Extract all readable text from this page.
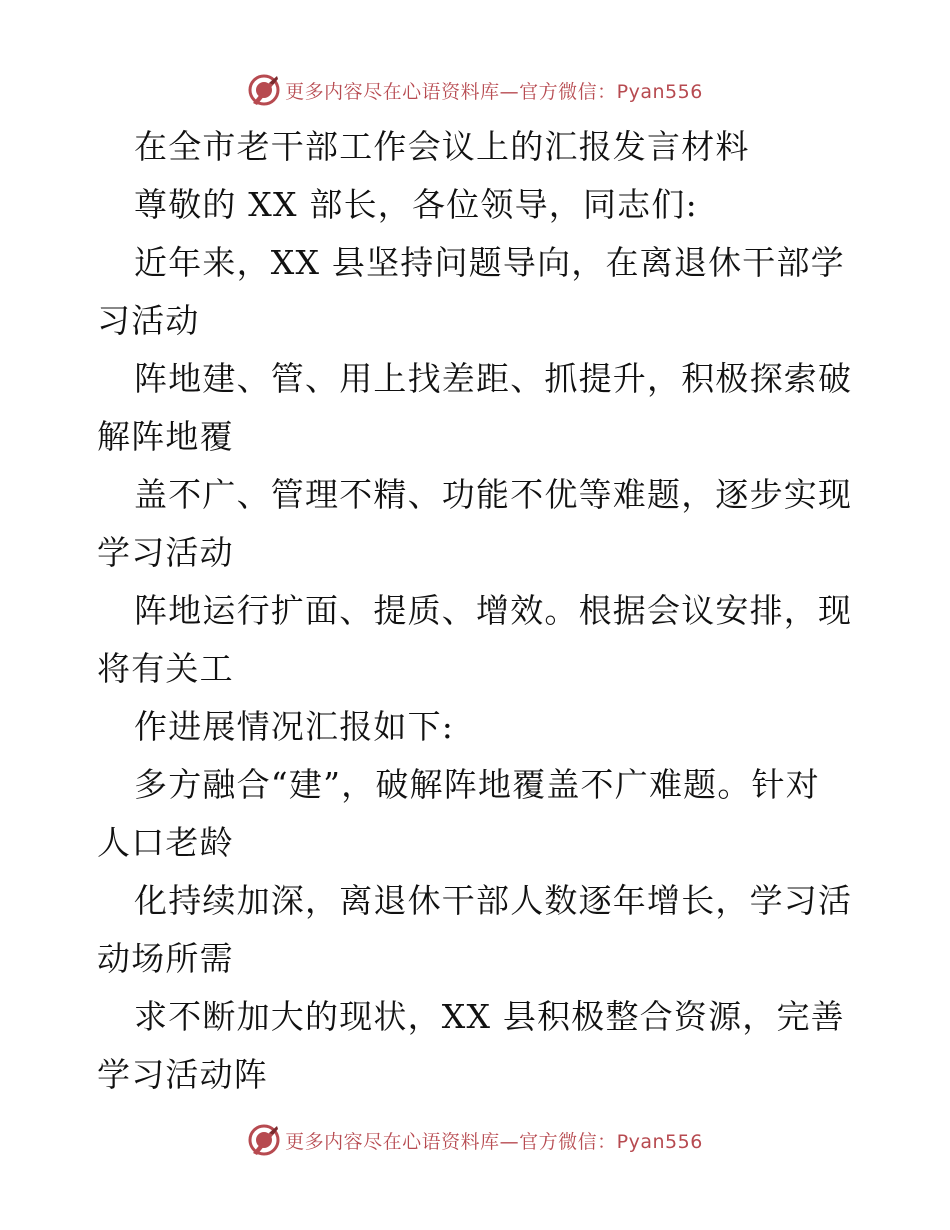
更多内容尽在心语资料库—官方微信：Pyan556
在全市老干部工作会议上的汇报发言材料
尊敬的 XX 部长，各位领导，同志们:
近年来，XX 县坚持问题导向，在离退休干部学
习活动
阵地建、管、用上找差距、抓提升，积极探索破
解阵地覆
盖不广、管理不精、功能不优等难题，逐步实现
学习活动
阵地运行扩面、提质、增效。根据会议安排，现
将有关工
作进展情况汇报如下:
多方融合“建”，破解阵地覆盖不广难题。针对
人口老龄
化持续加深，离退休干部人数逐年增长，学习活
动场所需
求不断加大的现状，XX 县积极整合资源，完善
学习活动阵
更多内容尽在心语资料库—官方微信：Pyan556
